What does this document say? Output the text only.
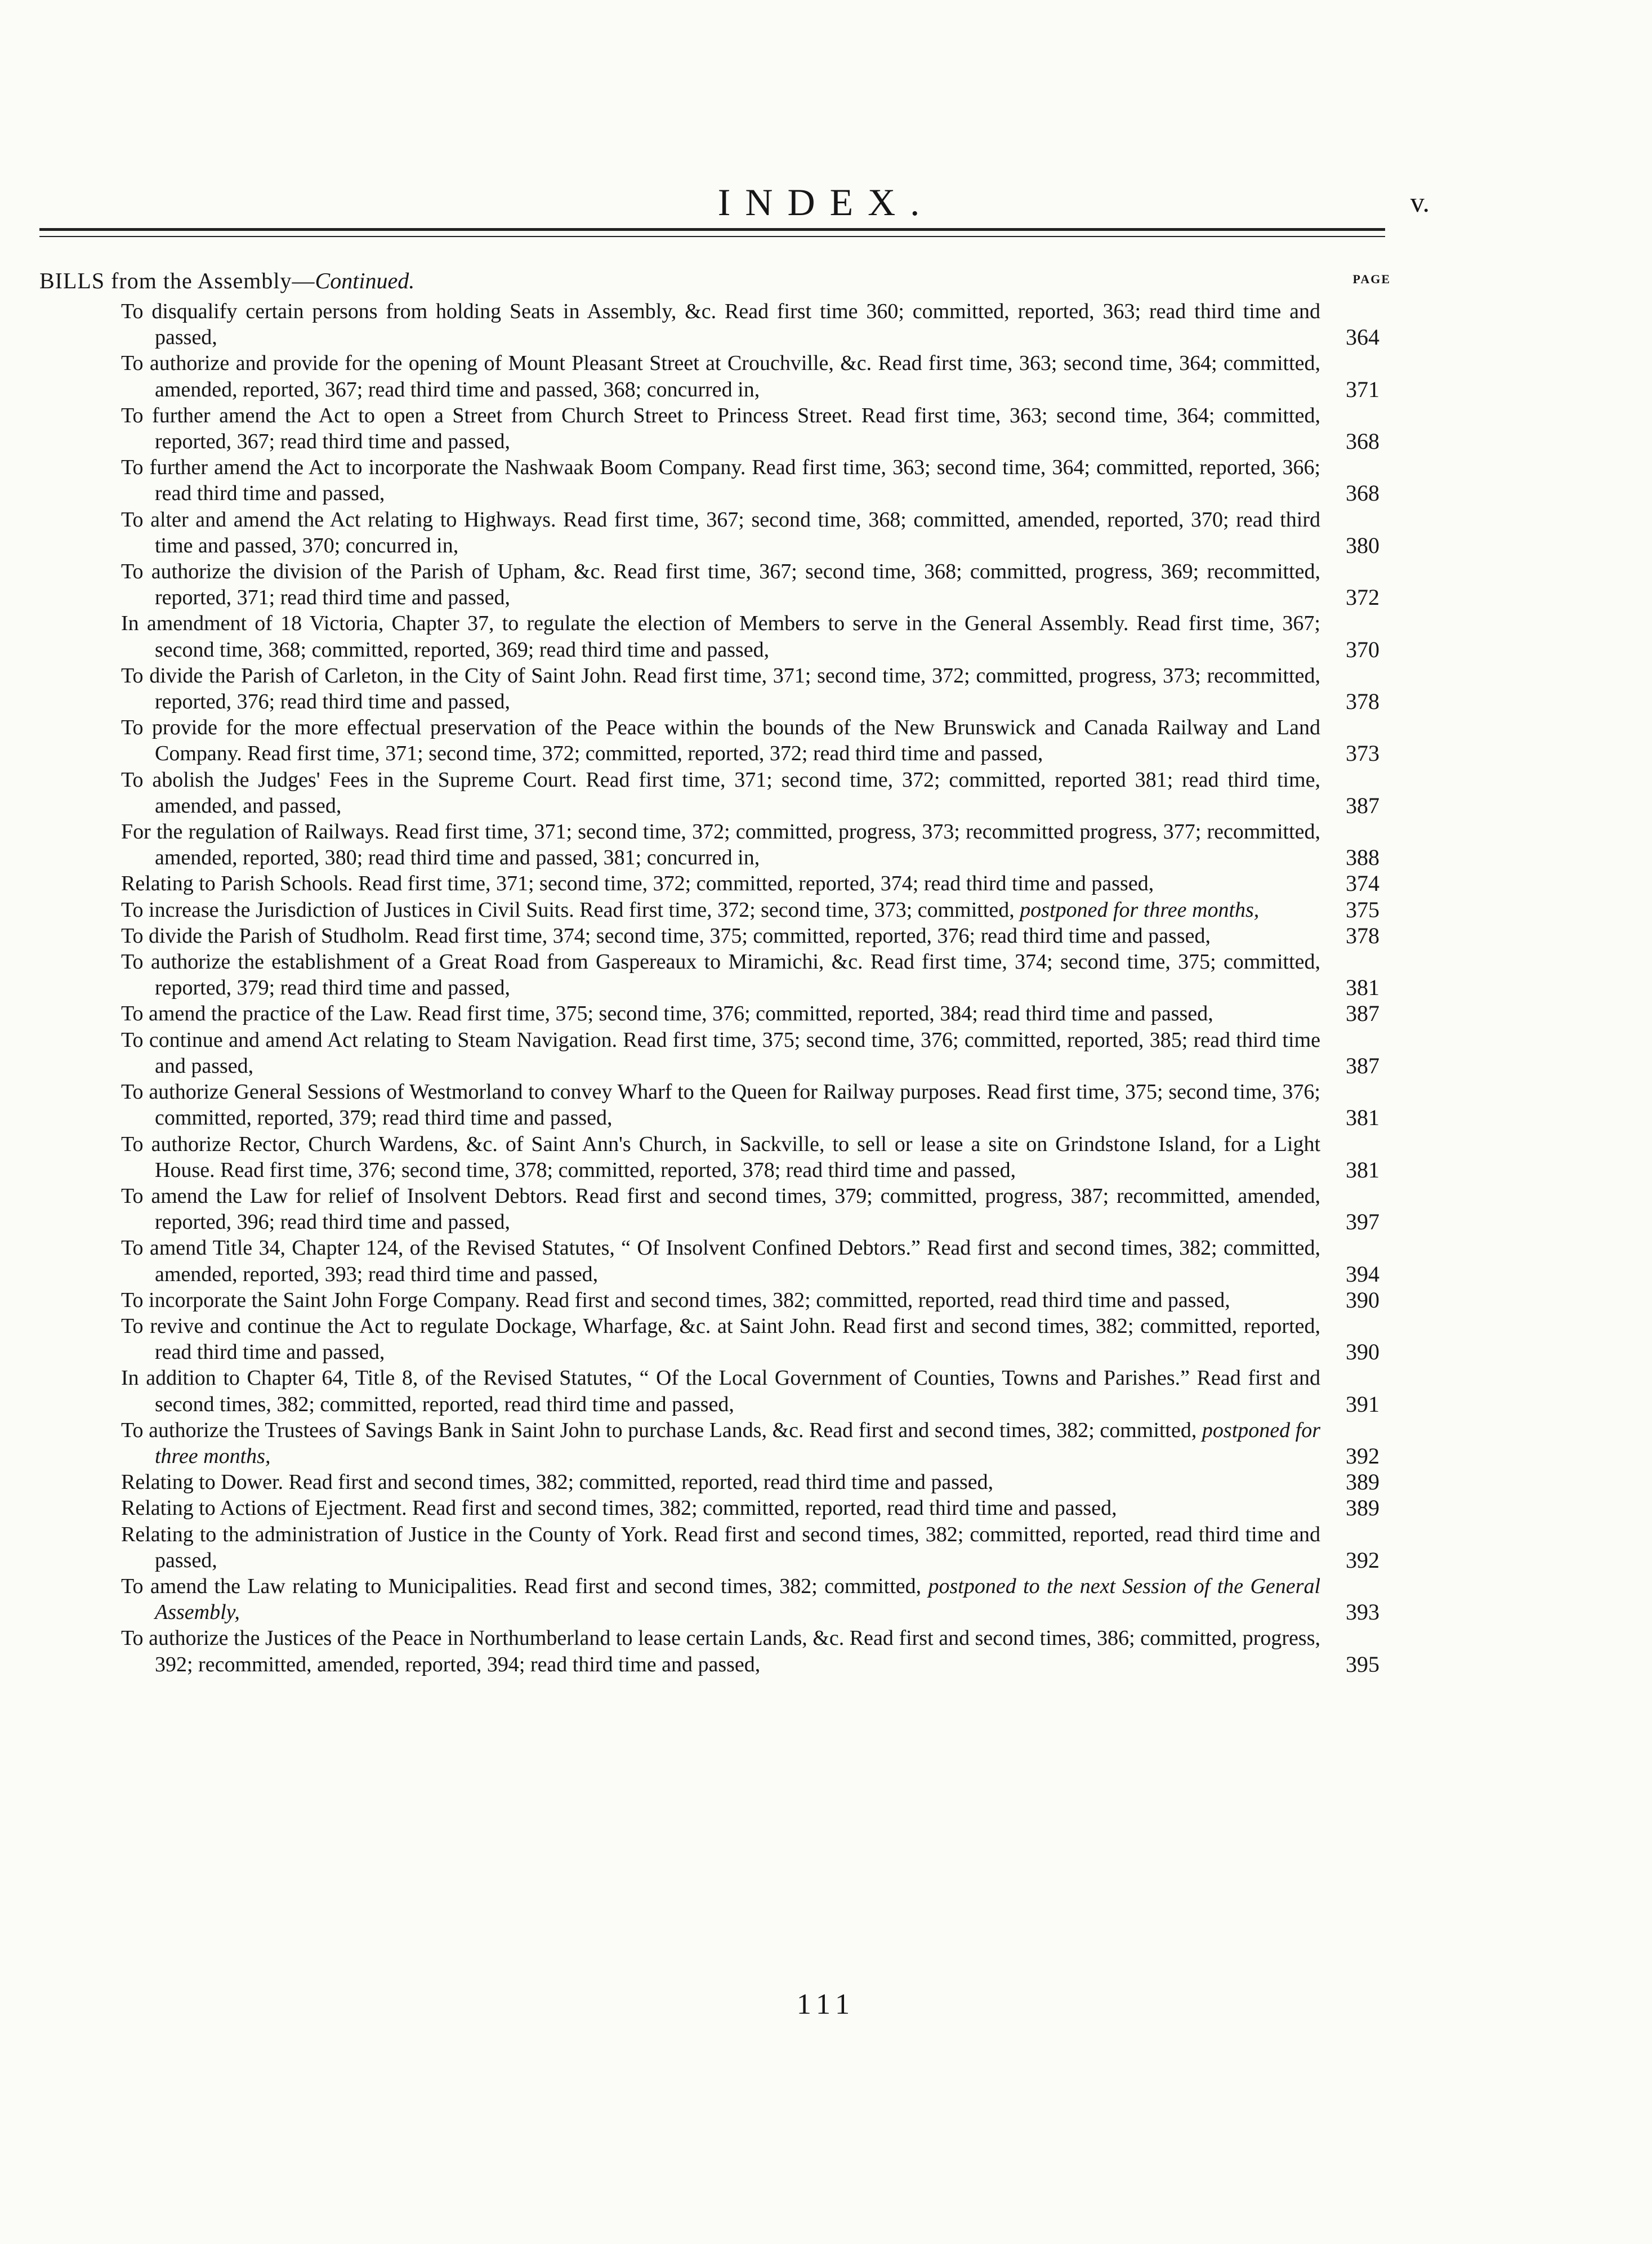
INDEX.	v.
BILLS from the Assembly—Continued.	PAGE
To disqualify certain persons from holding Seats in Assembly, &c. Read first time 360; committed, reported, 363; read third time and passed,	364
To authorize and provide for the opening of Mount Pleasant Street at Crouchville, &c. Read first time, 363; second time, 364; committed, amended, reported, 367; read third time and passed, 368; concurred in,	371
To further amend the Act to open a Street from Church Street to Princess Street. Read first time, 363; second time, 364; committed, reported, 367; read third time and passed,	368
To further amend the Act to incorporate the Nashwaak Boom Company. Read first time, 363; second time, 364; committed, reported, 366; read third time and passed,	368
To alter and amend the Act relating to Highways. Read first time, 367; second time, 368; committed, amended, reported, 370; read third time and passed, 370; concurred in,	380
To authorize the division of the Parish of Upham, &c. Read first time, 367; second time, 368; committed, progress, 369; recommitted, reported, 371; read third time and passed,	372
In amendment of 18 Victoria, Chapter 37, to regulate the election of Members to serve in the General Assembly. Read first time, 367; second time, 368; committed, reported, 369; read third time and passed,	370
To divide the Parish of Carleton, in the City of Saint John. Read first time, 371; second time, 372; committed, progress, 373; recommitted, reported, 376; read third time and passed,	378
To provide for the more effectual preservation of the Peace within the bounds of the New Brunswick and Canada Railway and Land Company. Read first time, 371; second time, 372; committed, reported, 372; read third time and passed,	373
To abolish the Judges' Fees in the Supreme Court. Read first time, 371; second time, 372; committed, reported 381; read third time, amended, and passed,	387
For the regulation of Railways. Read first time, 371; second time, 372; committed, progress, 373; recommitted progress, 377; recommitted, amended, reported, 380; read third time and passed, 381; concurred in,	388
Relating to Parish Schools. Read first time, 371; second time, 372; committed, reported, 374; read third time and passed,	374
To increase the Jurisdiction of Justices in Civil Suits. Read first time, 372; second time, 373; committed, postponed for three months,	375
To divide the Parish of Studholm. Read first time, 374; second time, 375; committed, reported, 376; read third time and passed,	378
To authorize the establishment of a Great Road from Gaspereaux to Miramichi, &c. Read first time, 374; second time, 375; committed, reported, 379; read third time and passed,	381
To amend the practice of the Law. Read first time, 375; second time, 376; committed, reported, 384; read third time and passed,	387
To continue and amend Act relating to Steam Navigation. Read first time, 375; second time, 376; committed, reported, 385; read third time and passed,	387
To authorize General Sessions of Westmorland to convey Wharf to the Queen for Railway purposes. Read first time, 375; second time, 376; committed, reported, 379; read third time and passed,	381
To authorize Rector, Church Wardens, &c. of Saint Ann's Church, in Sackville, to sell or lease a site on Grindstone Island, for a Light House. Read first time, 376; second time, 378; committed, reported, 378; read third time and passed,	381
To amend the Law for relief of Insolvent Debtors. Read first and second times, 379; committed, progress, 387; recommitted, amended, reported, 396; read third time and passed,	397
To amend Title 34, Chapter 124, of the Revised Statutes, “ Of Insolvent Confined Debtors.” Read first and second times, 382; committed, amended, reported, 393; read third time and passed,	394
To incorporate the Saint John Forge Company. Read first and second times, 382; committed, reported, read third time and passed,	390
To revive and continue the Act to regulate Dockage, Wharfage, &c. at Saint John. Read first and second times, 382; committed, reported, read third time and passed,	390
In addition to Chapter 64, Title 8, of the Revised Statutes, “ Of the Local Government of Counties, Towns and Parishes.” Read first and second times, 382; committed, reported, read third time and passed,	391
To authorize the Trustees of Savings Bank in Saint John to purchase Lands, &c. Read first and second times, 382; committed, postponed for three months,	392
Relating to Dower. Read first and second times, 382; committed, reported, read third time and passed,	389
Relating to Actions of Ejectment. Read first and second times, 382; committed, reported, read third time and passed,	389
Relating to the administration of Justice in the County of York. Read first and second times, 382; committed, reported, read third time and passed,	392
To amend the Law relating to Municipalities. Read first and second times, 382; committed, postponed to the next Session of the General Assembly,	393
To authorize the Justices of the Peace in Northumberland to lease certain Lands, &c. Read first and second times, 386; committed, progress, 392; recommitted, amended, reported, 394; read third time and passed,	395
111
